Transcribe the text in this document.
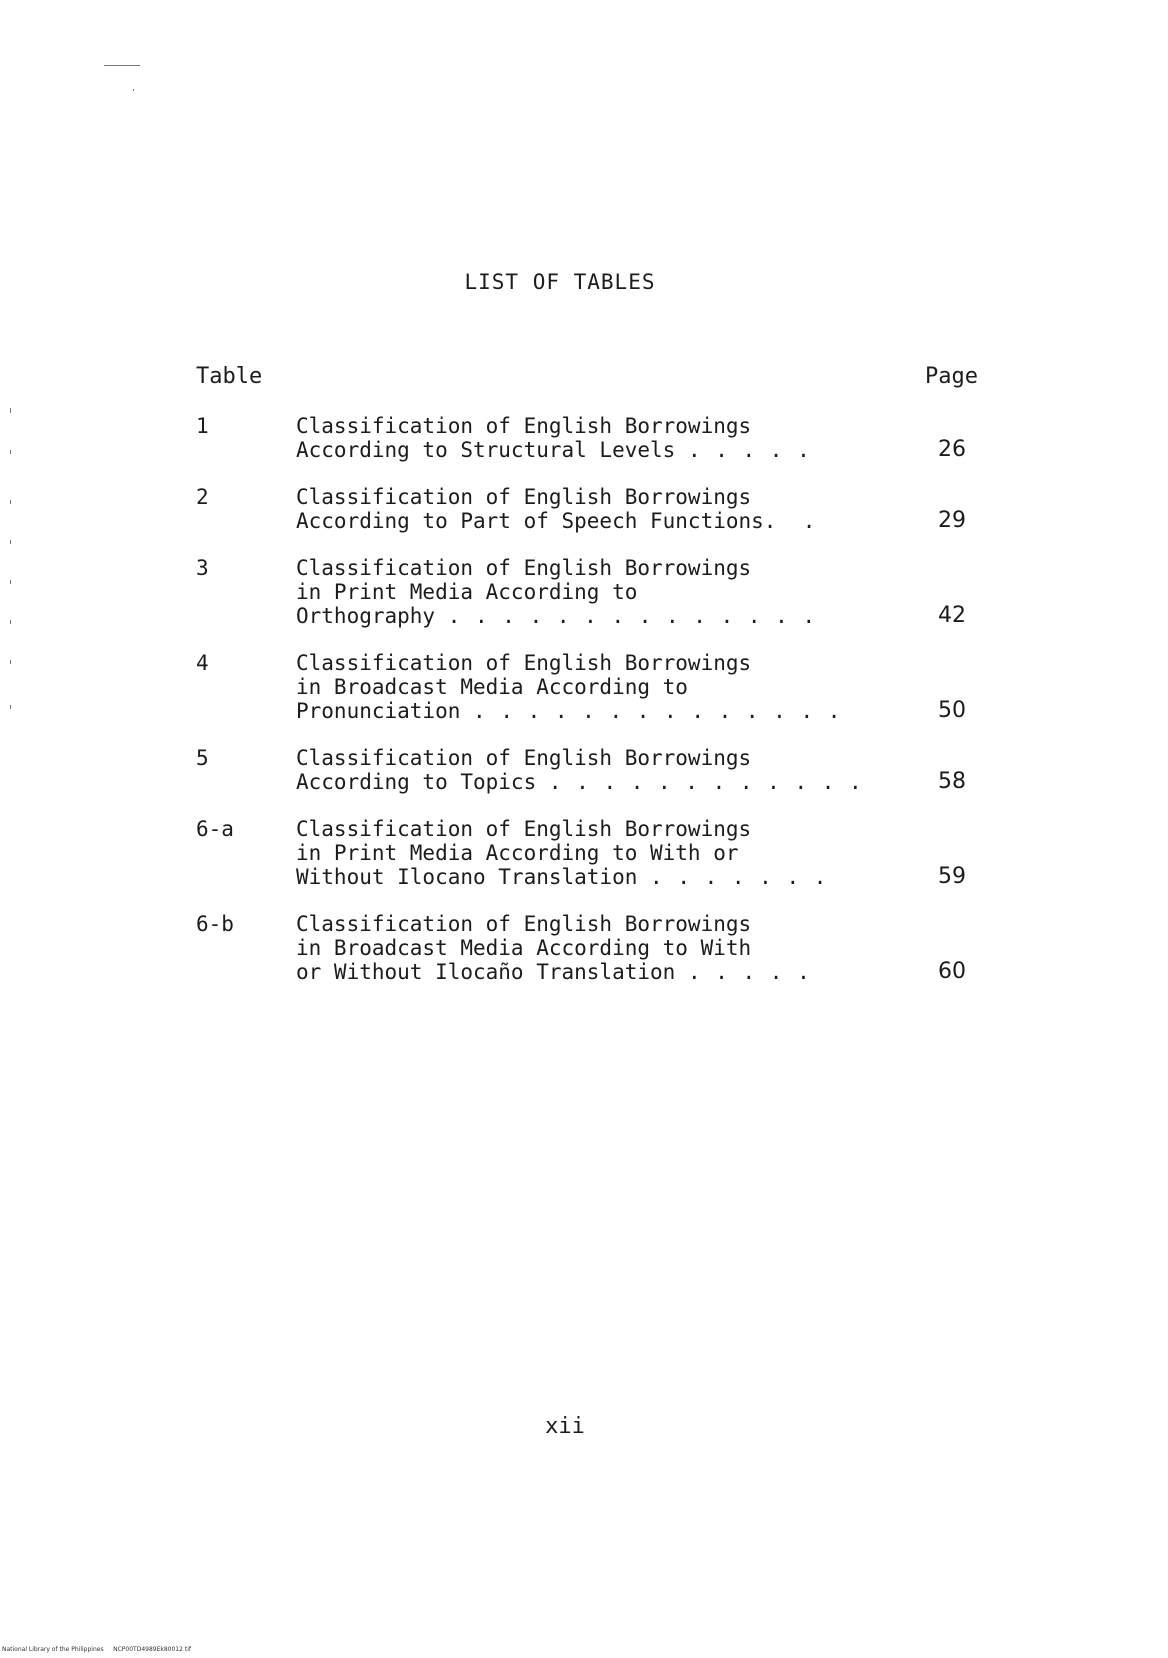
LIST OF TABLES
Table	Page
1	Classification of English Borrowings
According to Structural Levels . . . . .	26
2	Classification of English Borrowings
According to Part of Speech Functions.  .	29
3	Classification of English Borrowings
in Print Media According to
Orthography . . . . . . . . . . . . . .	42
4	Classification of English Borrowings
in Broadcast Media According to
Pronunciation . . . . . . . . . . . . . .	50
5	Classification of English Borrowings
According to Topics . . . . . . . . . . . .	58
6-a	Classification of English Borrowings
in Print Media According to With or
Without Ilocano Translation . . . . . . .	59
6-b	Classification of English Borrowings
in Broadcast Media According to With
or Without Ilocaño Translation . . . . .	60
xii
National Library of the Philippines     NCP00TD4989Ek80012 tif
